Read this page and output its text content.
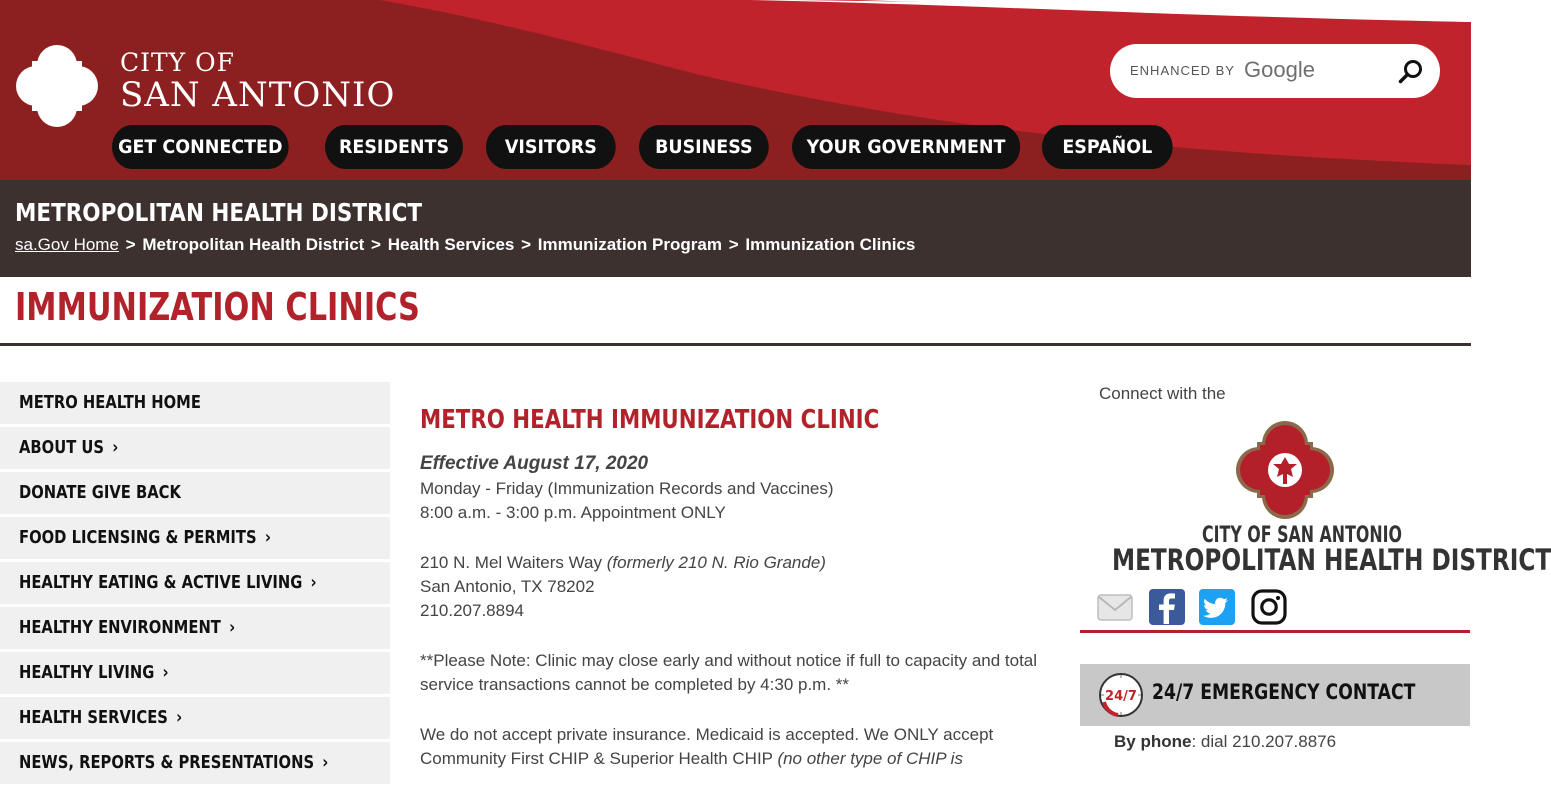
CITY OF
SAN ANTONIO
ENHANCED BY Google
GET CONNECTED	RESIDENTS	VISITORS	BUSINESS	YOUR GOVERNMENT	ESPAÑOL
METROPOLITAN HEALTH DISTRICT
sa.Gov Home > Metropolitan Health District > Health Services > Immunization Program > Immunization Clinics
IMMUNIZATION CLINICS
METRO HEALTH HOME
ABOUT US ›
DONATE GIVE BACK
FOOD LICENSING & PERMITS ›
HEALTHY EATING & ACTIVE LIVING ›
HEALTHY ENVIRONMENT ›
HEALTHY LIVING ›
HEALTH SERVICES ›
NEWS, REPORTS & PRESENTATIONS ›
METRO HEALTH IMMUNIZATION CLINIC
Effective August 17, 2020
Monday - Friday (Immunization Records and Vaccines)
8:00 a.m. - 3:00 p.m. Appointment ONLY
210 N. Mel Waiters Way (formerly 210 N. Rio Grande)
San Antonio, TX 78202
210.207.8894
**Please Note: Clinic may close early and without notice if full to capacity and total service transactions cannot be completed by 4:30 p.m. **
We do not accept private insurance. Medicaid is accepted. We ONLY accept Community First CHIP & Superior Health CHIP (no other type of CHIP is
Connect with the
CITY OF SAN ANTONIO
METROPOLITAN HEALTH DISTRICT
24/7 24/7 EMERGENCY CONTACT
By phone: dial 210.207.8876
